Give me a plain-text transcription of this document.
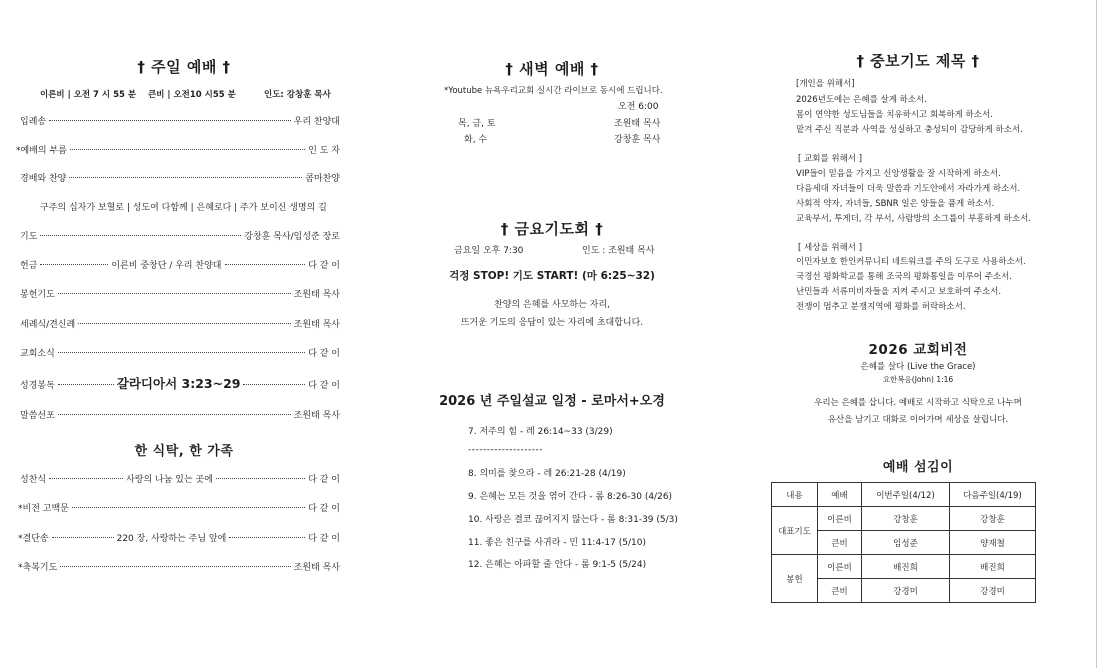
† 주일 예배 †
이른비 | 오전 7 시 55 분 큰비 | 오전10 시55 분	인도: 강창훈 목사
입례송	우리 찬양대
*예배의 부름	인 도 자
경배와 찬양	콤마찬양
구주의 십자가 보혈로 | 성도여 다함께 | 은혜로다 | 주가 보이신 생명의 길
기도	강창훈 목사/임성준 장로
헌금	이른비 중창단 / 우리 찬양대	다 같 이
봉헌기도	조원태 목사
세례식/견신례	조원태 목사
교회소식	다 같 이
성경봉독	갈라디아서 3:23~29	다 같 이
말씀선포	조원태 목사
한 식탁, 한 가족
성찬식	사랑의 나눔 있는 곳에	다 같 이
*비전 고백문	다 같 이
*결단송	220 장, 사랑하는 주님 앞에	다 같 이
*축복기도	조원태 목사
† 새벽 예배 †
*Youtube 뉴욕우리교회 실시간 라이브로 동시에 드립니다.
오전 6:00
목, 금, 토	조원태 목사
화, 수	강창훈 목사
† 금요기도회 †
금요일 오후 7:30	인도 : 조원태 목사
걱정 STOP! 기도 START! (마 6:25~32)
찬양의 은혜를 사모하는 자리,
뜨거운 기도의 응답이 있는 자리에 초대합니다.
2026 년 주일설교 일정 - 로마서+오경
7. 저주의 힘 - 레 26:14~33 (3/29)
--------------------
8. 의미를 찾으라 - 레 26:21-28 (4/19)
9. 은혜는 모든 것을 엮어 간다 - 롬 8:26-30 (4/26)
10. 사랑은 결코 끊어지지 않는다 - 롬 8:31-39 (5/3)
11. 좋은 친구를 사귀라 - 민 11:4-17 (5/10)
12. 은혜는 아파할 줄 안다 - 롬 9:1-5 (5/24)
† 중보기도 제목 †
[개인을 위해서]
2026년도에는 은혜를 살게 하소서.
몸이 연약한 성도님들을 치유하시고 회복하게 하소서.
맡겨 주신 직분과 사역을 성실하고 충성되이 감당하게 하소서.
[ 교회를 위해서 ]
VIP들이 믿음을 가지고 신앙생활을 잘 시작하게 하소서.
다음세대 자녀들이 더욱 말씀과 기도안에서 자라가게 하소서.
사회적 약자, 자녀들, SBNR 일은 양들을 품게 하소서.
교육부서, 투게더, 각 부서, 사람방의 소그룹이 부흥하게 하소서.
[ 세상을 위해서 ]
이민자보호 한인커뮤니티 네트워크를 주의 도구로 사용하소서.
국경선 평화학교를 통해 조국의 평화통일을 이루어 주소서.
난민들과 서류미비자들을 지켜 주시고 보호하여 주소서.
전쟁이 멈추고 분쟁지역에 평화를 허락하소서.
2026 교회비전
은혜를 살다 (Live the Grace)
요한복음(John) 1:16
우리는 은혜를 삽니다. 예배로 시작하고 식탁으로 나누며
유산을 남기고 대화로 이어가며 세상을 살립니다.
예배 섬김이
내용	예배	이번주일(4/12)	다음주일(4/19)
대표기도	이른비	강창훈	강창훈
	큰비	임성준	양재철
봉헌	이른비	배진희	배진희
	큰비	강경미	강경미
